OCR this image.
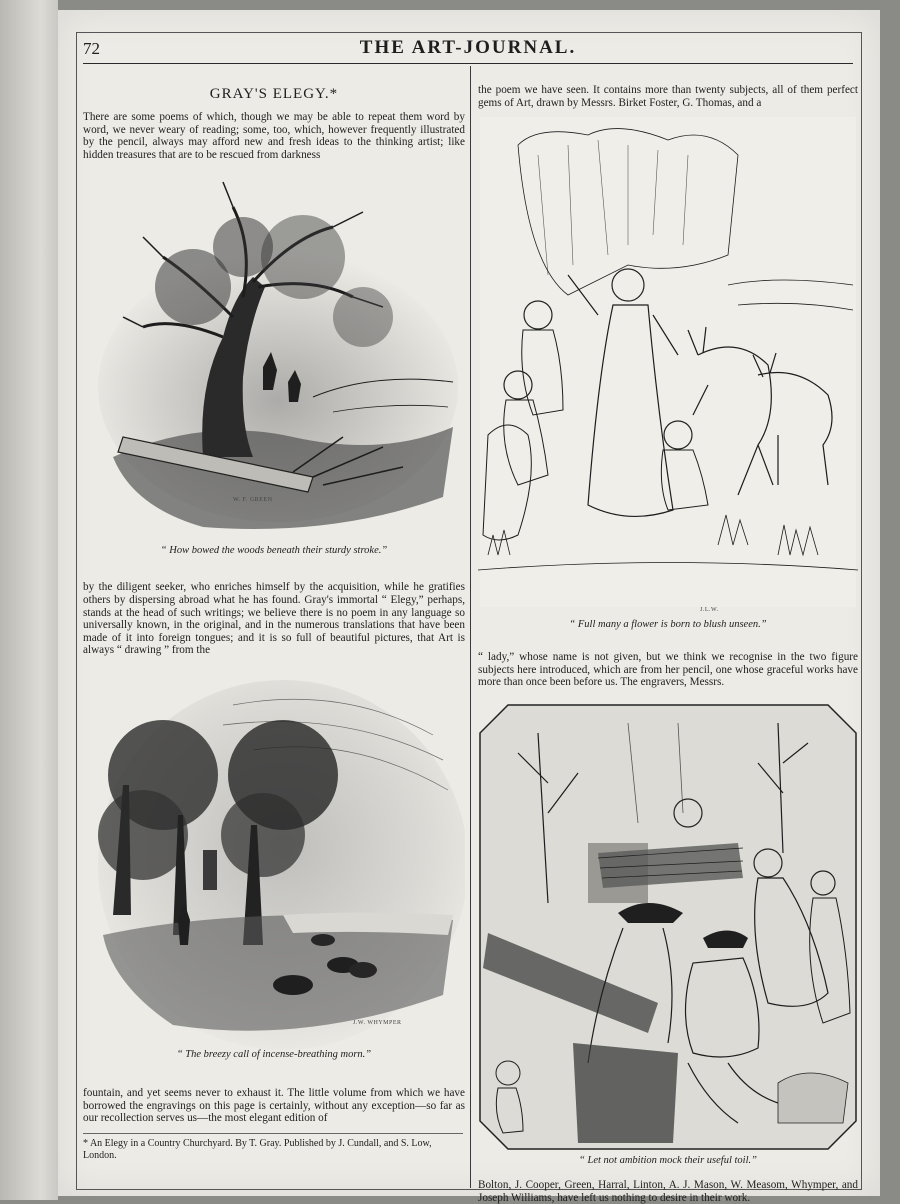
72	THE ART-JOURNAL.

GRAY'S ELEGY.*

There are some poems of which, though we may be able to repeat them word by word, we never weary of reading; some, too, which, however frequently illustrated by the pencil, always may afford new and fresh ideas to the thinking artist; like hidden treasures that are to be rescued from darkness

W. F. GREEN

“ How bowed the woods beneath their sturdy stroke.”

by the diligent seeker, who enriches himself by the acquisition, while he gratifies others by dispersing abroad what he has found. Gray's immortal “ Elegy,” perhaps, stands at the head of such writings; we believe there is no poem in any language so universally known, in the original, and in the numerous translations that have been made of it into foreign tongues; and it is so full of beautiful pictures, that Art is always “ drawing ” from the

J.W. WHYMPER

“ The breezy call of incense-breathing morn.”

fountain, and yet seems never to exhaust it. The little volume from which we have borrowed the engravings on this page is certainly, without any exception—so far as our recollection serves us—the most elegant edition of

* An Elegy in a Country Churchyard. By T. Gray. Published by J. Cundall, and S. Low, London.

the poem we have seen. It contains more than twenty subjects, all of them perfect gems of Art, drawn by Messrs. Birket Foster, G. Thomas, and a

J.L.W.

“ Full many a flower is born to blush unseen.”

“ lady,” whose name is not given, but we think we recognise in the two figure subjects here introduced, which are from her pencil, one whose graceful works have more than once been before us. The engravers, Messrs.

“ Let not ambition mock their useful toil.”

Bolton, J. Cooper, Green, Harral, Linton, A. J. Mason, W. Measom, Whymper, and Joseph Williams, have left us nothing to desire in their work.
